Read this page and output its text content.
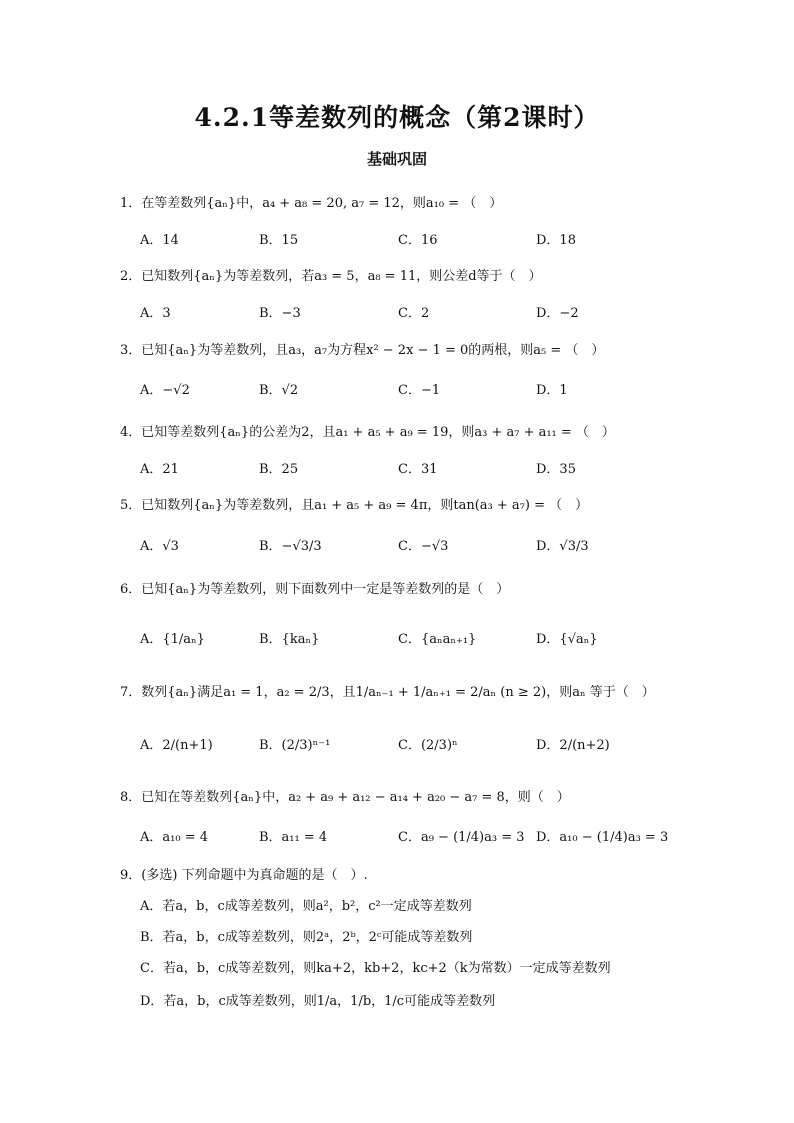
4.2.1等差数列的概念（第2课时）
基础巩固
1．在等差数列{aₙ}中，a₄ + a₈ = 20, a₇ = 12，则a₁₀ = （　）
A．14	B．15	C．16	D．18
2．已知数列{aₙ}为等差数列，若a₃ = 5，a₈ = 11，则公差d等于（　）
A．3	B．−3	C．2	D．−2
3．已知{aₙ}为等差数列，且a₃，a₇为方程x² − 2x − 1 = 0的两根，则a₅ = （　）
A．−√2	B．√2	C．−1	D．1
4．已知等差数列{aₙ}的公差为2，且a₁ + a₅ + a₉ = 19，则a₃ + a₇ + a₁₁ = （　）
A．21	B．25	C．31	D．35
5．已知数列{aₙ}为等差数列，且a₁ + a₅ + a₉ = 4π，则tan(a₃ + a₇) = （　）
A．√3	B．−√3/3	C．−√3	D．√3/3
6．已知{aₙ}为等差数列，则下面数列中一定是等差数列的是（　）
A．{1/aₙ}	B．{kaₙ}	C．{aₙaₙ₊₁}	D．{√aₙ}
7．数列{aₙ}满足a₁ = 1，a₂ = 2/3，且1/aₙ₋₁ + 1/aₙ₊₁ = 2/aₙ (n ≥ 2)，则aₙ 等于（　）
A．2/(n+1)	B．(2/3)ⁿ⁻¹	C．(2/3)ⁿ	D．2/(n+2)
8．已知在等差数列{aₙ}中，a₂ + a₉ + a₁₂ − a₁₄ + a₂₀ − a₇ = 8，则（　）
A．a₁₀ = 4	B．a₁₁ = 4	C．a₉ − (1/4)a₃ = 3 D．a₁₀ − (1/4)a₃ = 3
9．(多选) 下列命题中为真命题的是（　）.
A．若a，b，c成等差数列，则a²，b²，c²一定成等差数列
B．若a，b，c成等差数列，则2ᵃ，2ᵇ，2ᶜ可能成等差数列
C．若a，b，c成等差数列，则ka+2，kb+2，kc+2（k为常数）一定成等差数列
D．若a，b，c成等差数列，则1/a，1/b，1/c可能成等差数列
